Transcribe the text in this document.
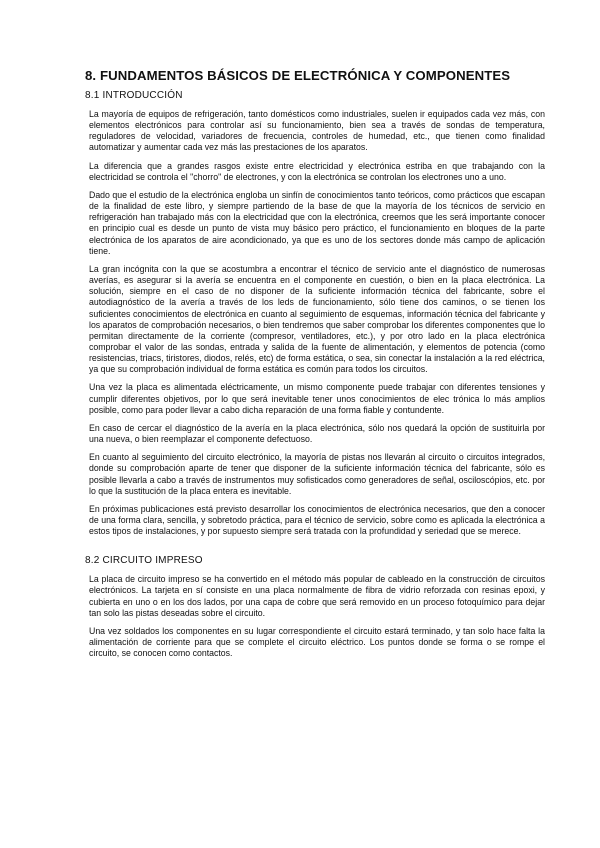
8. FUNDAMENTOS BÁSICOS DE ELECTRÓNICA Y COMPONENTES
8.1 INTRODUCCIÓN

La mayoría de equipos de refrigeración, tanto domésticos como industriales, suelen ir equipados cada vez más, con elementos electrónicos para controlar así su funcionamiento, bien sea a través de sondas de temperatura, reguladores de velocidad, variadores de frecuencia, controles de humedad, etc., que tienen como finalidad automatizar y aumentar cada vez más las prestaciones de los aparatos.

La diferencia que a grandes rasgos existe entre electricidad y electrónica estriba en que trabajando con la electricidad se controla el "chorro" de electrones, y con la electrónica se controlan los electrones uno a uno.

Dado que el estudio de la electrónica engloba un sinfín de conocimientos tanto teóricos, como prácticos que escapan de la finalidad de este libro, y siempre partiendo de la base de que la mayoría de los técnicos de servicio en refrigeración han trabajado más con la electricidad que con la electrónica, creemos que les será importante conocer en principio cual es desde un punto de vista muy básico pero práctico, el funcionamiento en bloques de la parte electrónica de los aparatos de aire acondicionado, ya que es uno de los sectores donde más campo de aplicación tiene.

La gran incógnita con la que se acostumbra a encontrar el técnico de servicio ante el diagnóstico de numerosas averías, es asegurar si la avería se encuentra en el componente en cuestión, o bien en la placa electrónica. La solución, siempre en el caso de no disponer de la suficiente información técnica del fabricante, sobre el autodiagnóstico de la avería a través de los leds de funcionamiento, sólo tiene dos caminos, o se tienen los suficientes conocimientos de electrónica en cuanto al seguimiento de esquemas, información técnica del fabricante y los aparatos de comprobación necesarios, o bien tendremos que saber comprobar los diferentes componentes que lo permitan directamente de la corriente (compresor, ventiladores, etc.), y por otro lado en la placa electrónica comprobar el valor de las sondas, entrada y salida de la fuente de alimentación, y elementos de potencia (como resistencias, triacs, tiristores, diodos, relés, etc) de forma estática, o sea, sin conectar la instalación a la red eléctrica, ya que su comprobación individual de forma estática es común para todos los circuitos.

Una vez la placa es alimentada eléctricamente, un mismo componente puede trabajar con diferentes tensiones y cumplir diferentes objetivos, por lo que será inevitable tener unos conocimientos de elec trónica lo más amplios posible, como para poder llevar a cabo dicha reparación de una forma fiable y contundente.

En caso de cercar el diagnóstico de la avería en la placa electrónica, sólo nos quedará la opción de sustituirla por una nueva, o bien reemplazar el componente defectuoso.

En cuanto al seguimiento del circuito electrónico, la mayoría de pistas nos llevarán al circuito o circuitos integrados, donde su comprobación aparte de tener que disponer de la suficiente información técnica del fabricante, sólo es posible llevarla a cabo a través de instrumentos muy sofisticados como generadores de señal, osciloscópios, etc. por lo que la sustitución de la placa entera es inevitable.

En próximas publicaciones está previsto desarrollar los conocimientos de electrónica necesarios, que den a conocer de una forma clara, sencilla, y sobretodo práctica, para el técnico de servicio, sobre como es aplicada la electrónica a estos tipos de instalaciones, y por supuesto siempre será tratada con la profundidad y seriedad que se merece.

8.2 CIRCUITO IMPRESO

La placa de circuito impreso se ha convertido en el método más popular de cableado en la construcción de circuitos electrónicos. La tarjeta en sí consiste en una placa normalmente de fibra de vidrio reforzada con resinas epoxi, y cubierta en uno o en los dos lados, por una capa de cobre que será removido en un proceso fotoquímico para dejar tan solo las pistas deseadas sobre el circuito.

Una vez soldados los componentes en su lugar correspondiente el circuito estará terminado, y tan solo hace falta la alimentación de corriente para que se complete el circuito eléctrico. Los puntos donde se forma o se rompe el circuito, se conocen como contactos.
